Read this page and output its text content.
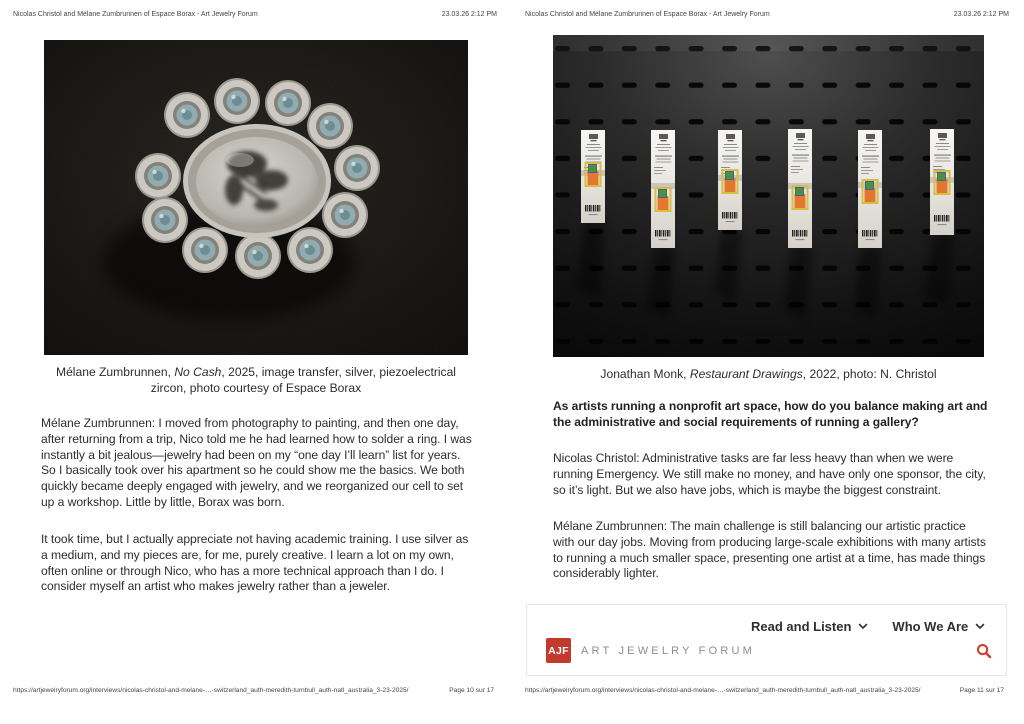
Nicolas Christol and Mélane Zumbrunnen of Espace Borax - Art Jewelry Forum	23.03.26 2:12 PM
Mélane Zumbrunnen, No Cash, 2025, image transfer, silver, piezoelectrical zircon, photo courtesy of Espace Borax
Mélane Zumbrunnen: I moved from photography to painting, and then one day, after returning from a trip, Nico told me he had learned how to solder a ring. I was instantly a bit jealous—jewelry had been on my “one day I’ll learn” list for years. So I basically took over his apartment so he could show me the basics. We both quickly became deeply engaged with jewelry, and we reorganized our cell to set up a workshop. Little by little, Borax was born.
It took time, but I actually appreciate not having academic training. I use silver as a medium, and my pieces are, for me, purely creative. I learn a lot on my own, often online or through Nico, who has a more technical approach than I do. I consider myself an artist who makes jewelry rather than a jeweler.
https://artjewelryforum.org/interviews/nicolas-christol-and-melane-…-switzerland_auth-meredith-turnbull_auth-natl_australia_3-23-2025/	Page 10 sur 17
Nicolas Christol and Mélane Zumbrunnen of Espace Borax - Art Jewelry Forum	23.03.26 2:12 PM
Jonathan Monk, Restaurant Drawings, 2022, photo: N. Christol
As artists running a nonprofit art space, how do you balance making art and the administrative and social requirements of running a gallery?
Nicolas Christol: Administrative tasks are far less heavy than when we were running Emergency. We still make no money, and have only one sponsor, the city, so it’s light. But we also have jobs, which is maybe the biggest constraint.
Mélane Zumbrunnen: The main challenge is still balancing our artistic practice with our day jobs. Moving from producing large-scale exhibitions with many artists to running a much smaller space, presenting one artist at a time, has made things considerably lighter.
Read and Listen	Who We Are
AJF ART JEWELRY FORUM
https://artjewelryforum.org/interviews/nicolas-christol-and-melane-…-switzerland_auth-meredith-turnbull_auth-natl_australia_3-23-2025/	Page 11 sur 17
